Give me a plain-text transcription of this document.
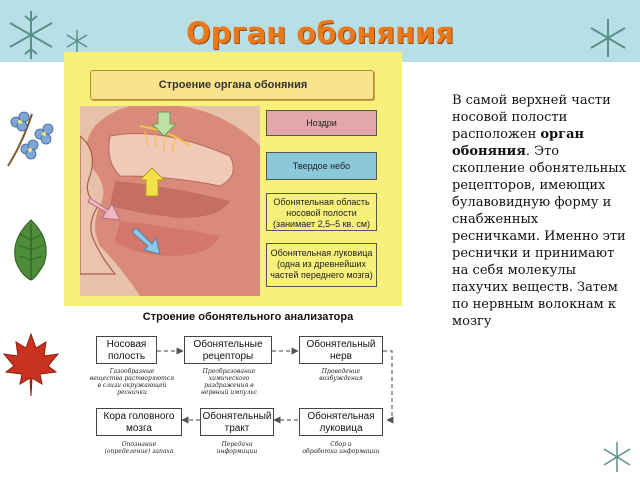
Орган обоняния
Строение органа обоняния
Ноздри
Твердое небо
Обонятельная область
носовой полости
(занимает 2,5–5 кв. см)
Обонятельная луковица
(одна из древнейших
частей переднего мозга)
Строение обонятельного анализатора
Носовая
полость
Обонятельные
рецепторы
Обонятельный
нерв
Кора головного
мозга
Обонятельный
тракт
Обонятельная
луковица
Газообразные
вещества растворяются
в слизи окружающей
реснички
Преобразование
химического
раздражения в
нервный импульс
Проведение
возбуждения
Опознание
(определение) запаха
Передача
информации
Сбор и
обработка информации
В самой верхней части носовой полости расположен орган обоняния. Это скопление обонятельных рецепторов, имеющих булавовидную форму и снабженных ресничками. Именно эти реснички и принимают на себя молекулы пахучих веществ. Затем по нервным волокнам к мозгу
